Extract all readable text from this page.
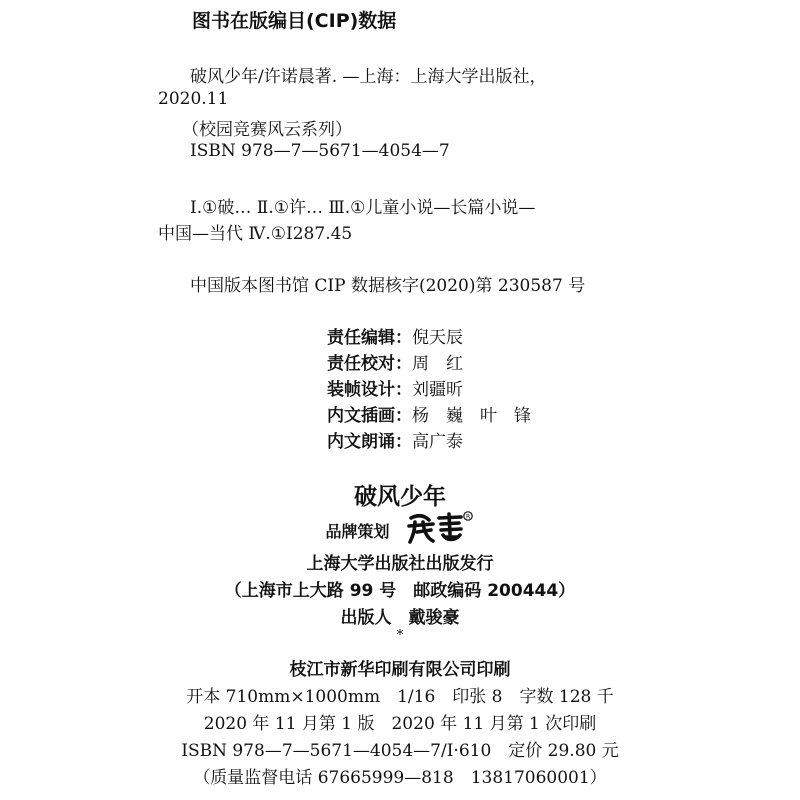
图书在版编目(CIP)数据
破风少年/许诺晨著. —上海：上海大学出版社，
2020.11
（校园竞赛风云系列）
ISBN 978—7—5671—4054—7
Ⅰ.①破… Ⅱ.①许… Ⅲ.①儿童小说—长篇小说—
中国—当代 Ⅳ.①I287.45
中国版本图书馆 CIP 数据核字(2020)第 230587 号
责任编辑：倪天辰
责任校对：周　红
装帧设计：刘疆昕
内文插画：杨　巍　叶　锋
内文朗诵：高广泰
破风少年
品牌策划
R
上海大学出版社出版发行
（上海市上大路 99 号　邮政编码 200444）
出版人　戴骏豪
*
枝江市新华印刷有限公司印刷
开本 710mm×1000mm　1/16　印张 8　字数 128 千
2020 年 11 月第 1 版　2020 年 11 月第 1 次印刷
ISBN 978—7—5671—4054—7/I·610　定价 29.80 元
（质量监督电话 67665999—818　13817060001）
